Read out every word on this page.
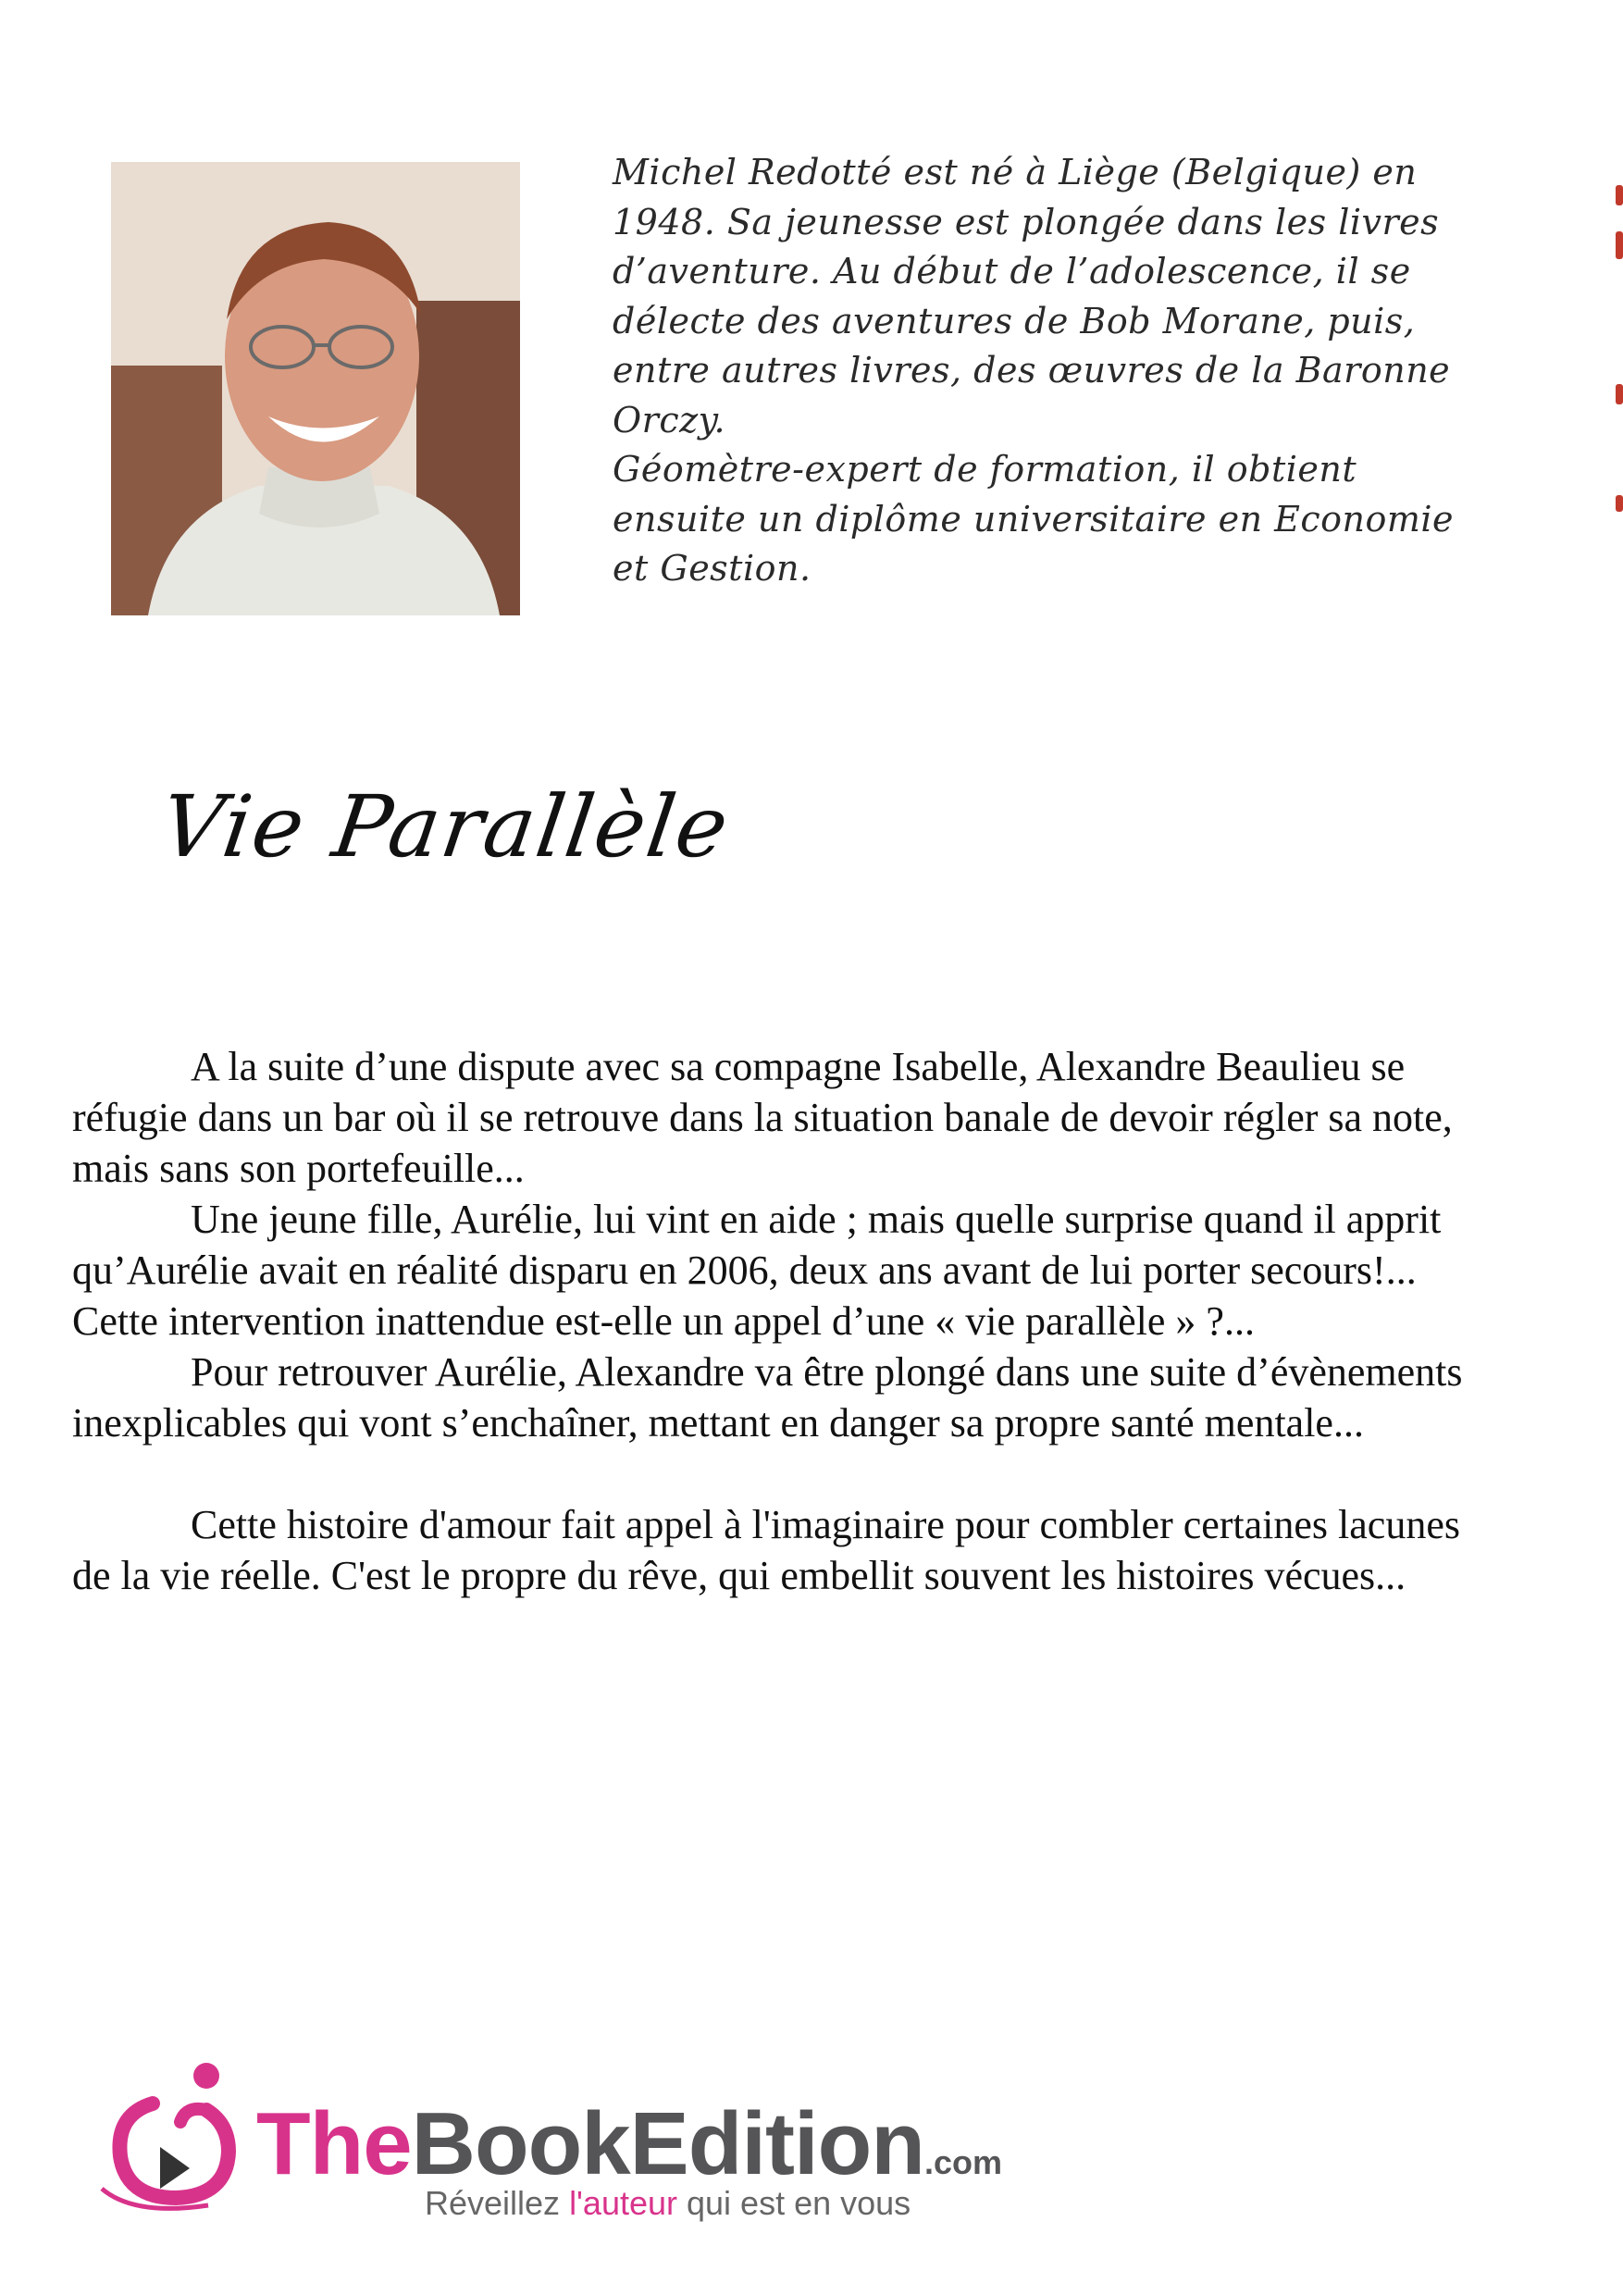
Michel Redotté est né à Liège (Belgique) en

1948. Sa jeunesse est plongée dans les livres

d’aventure. Au début de l’adolescence, il se

délecte des aventures de Bob Morane, puis,

entre autres livres, des œuvres de la Baronne

Orczy.

Géomètre-expert de formation, il obtient

ensuite un diplôme universitaire en Economie

et Gestion.

Vie Parallèle

A la suite d’une dispute avec sa compagne Isabelle, Alexandre Beaulieu se réfugie dans un bar où il se retrouve dans la situation banale de devoir régler sa note, mais sans son portefeuille...

Une jeune fille, Aurélie, lui vint en aide ; mais quelle surprise quand il apprit qu’Aurélie avait en réalité disparu en 2006, deux ans avant de lui porter secours!... Cette intervention inattendue est-elle un appel d’une « vie parallèle » ?...

Pour retrouver Aurélie, Alexandre va être plongé dans une suite d’évènements inexplicables qui vont s’enchaîner, mettant en danger sa propre santé mentale...

Cette histoire d'amour fait appel à l'imaginaire pour combler certaines lacunes de la vie réelle. C'est le propre du rêve, qui embellit souvent les histoires vécues...

TheBookEdition.com
Réveillez l'auteur qui est en vous
